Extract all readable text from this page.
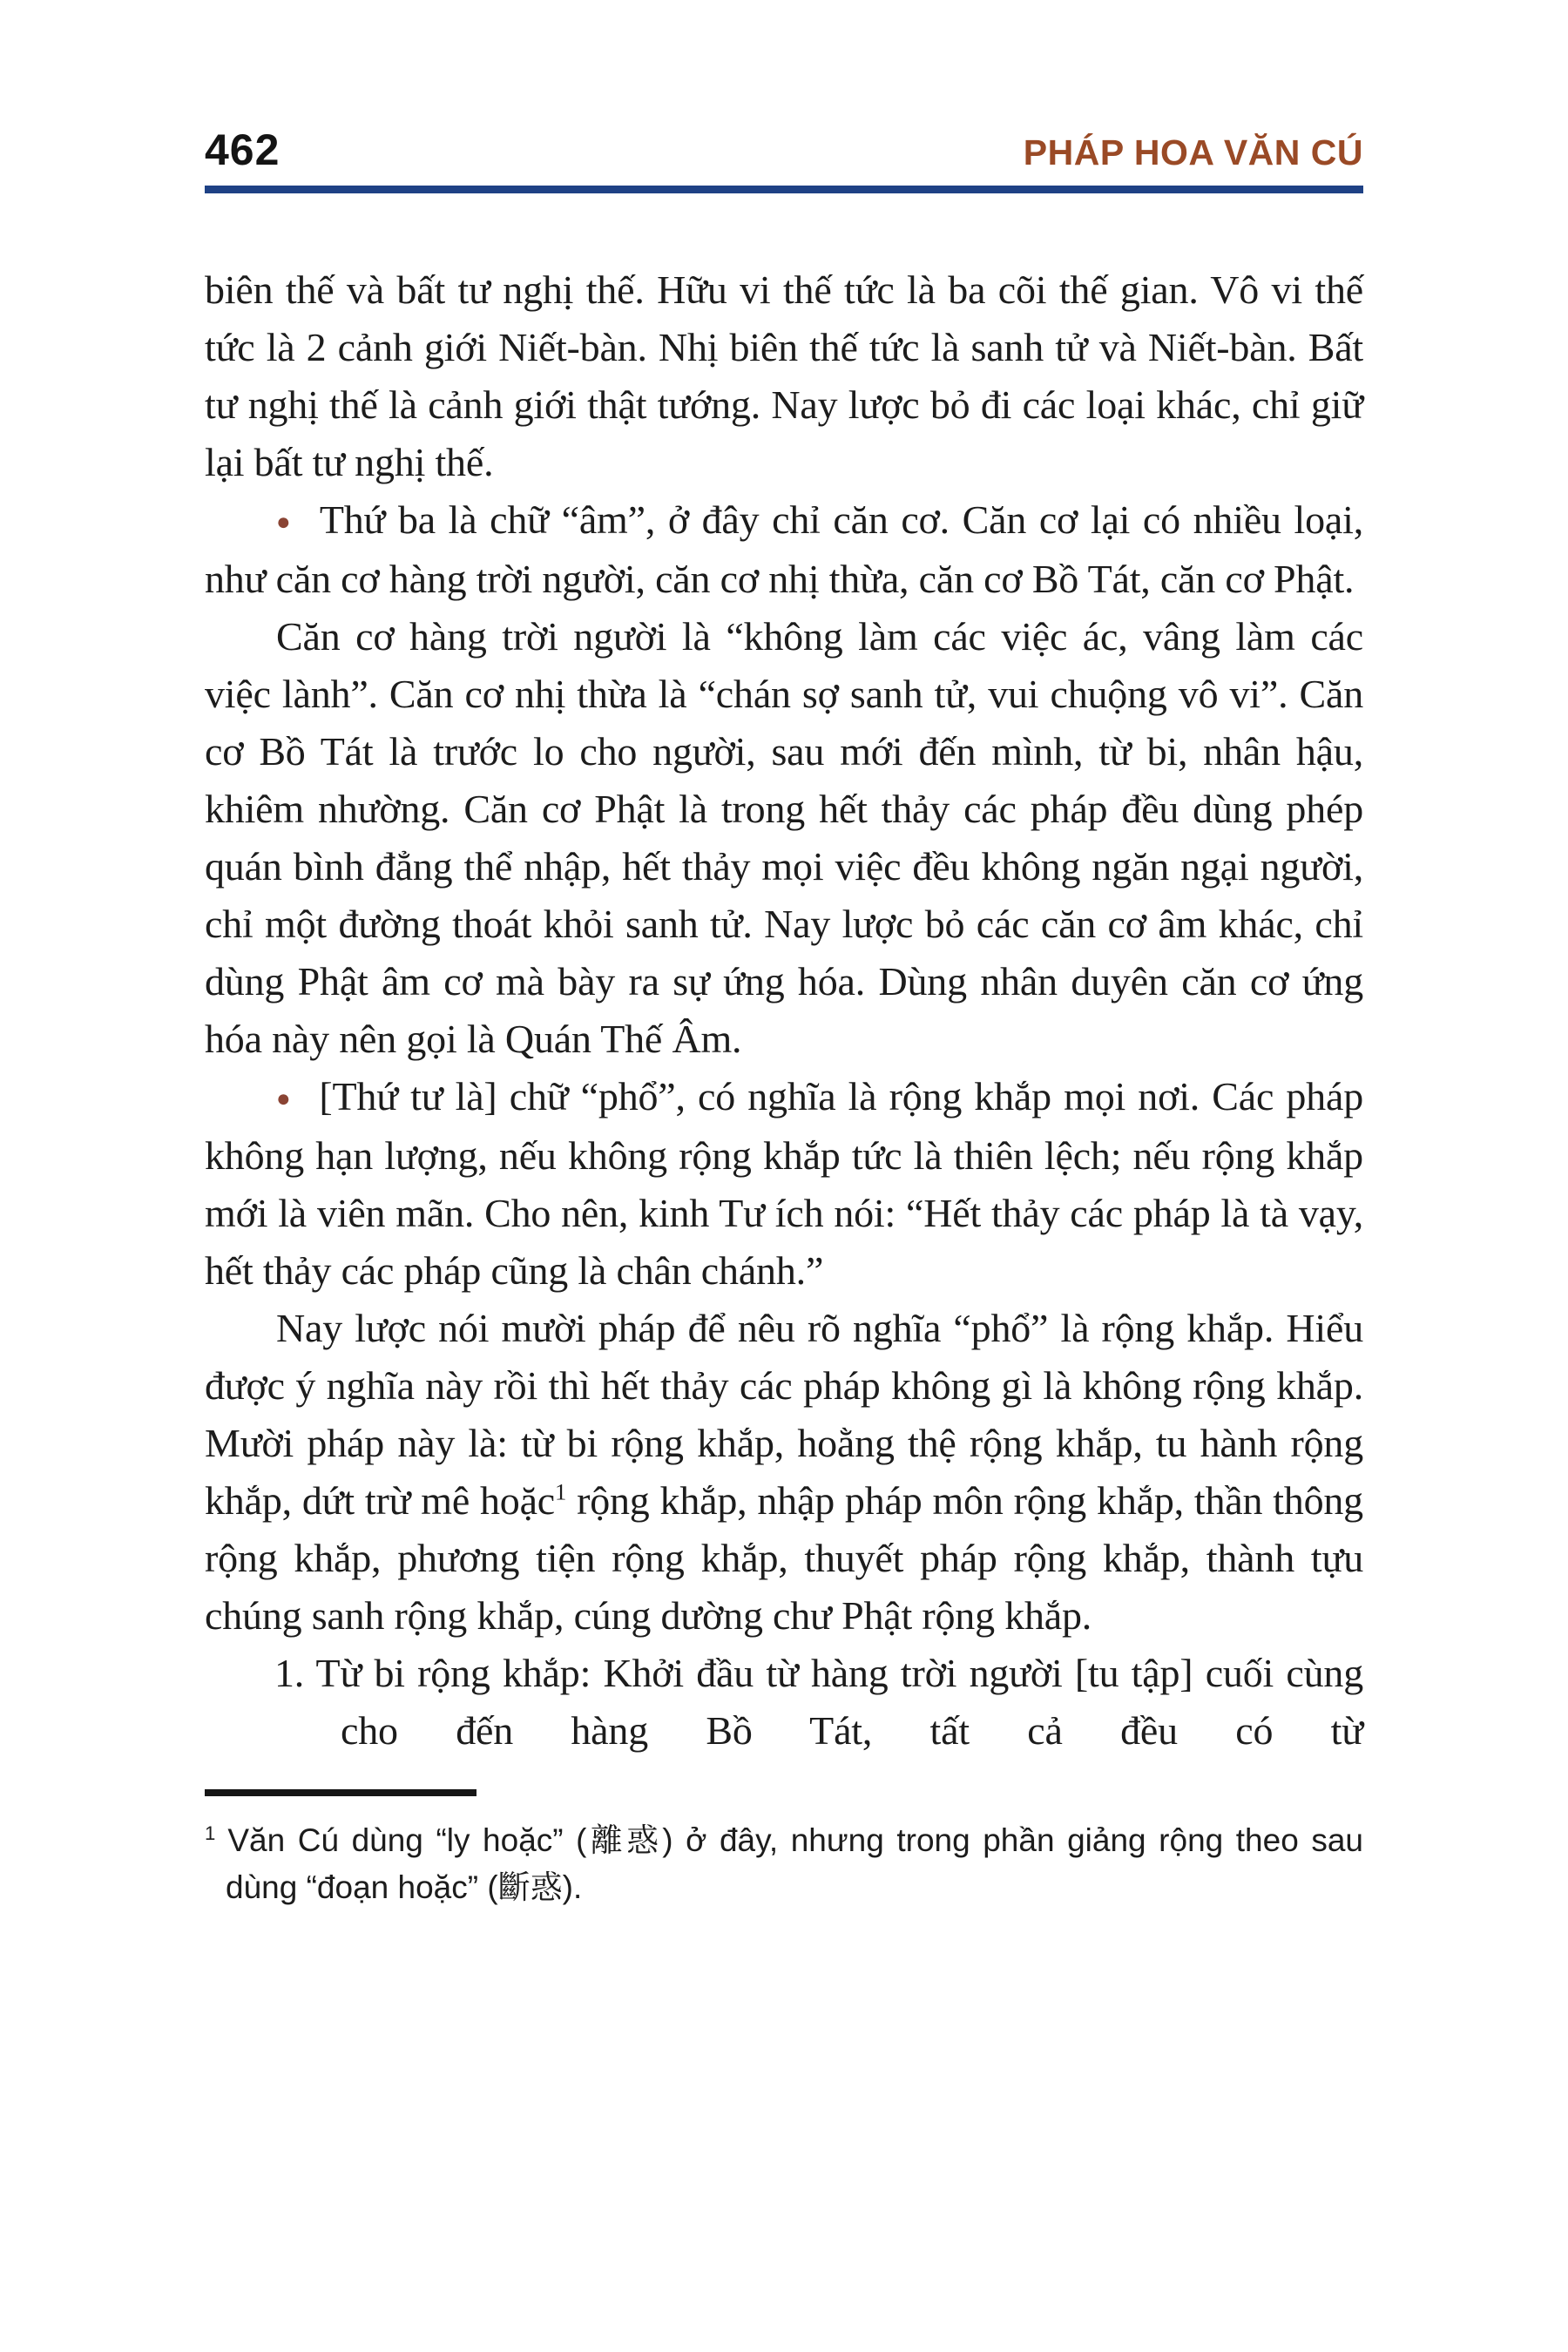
462	PHÁP HOA VĂN CÚ

biên thế và bất tư nghị thế. Hữu vi thế tức là ba cõi thế gian. Vô vi thế tức là 2 cảnh giới Niết-bàn. Nhị biên thế tức là sanh tử và Niết-bàn. Bất tư nghị thế là cảnh giới thật tướng. Nay lược bỏ đi các loại khác, chỉ giữ lại bất tư nghị thế.

● Thứ ba là chữ “âm”, ở đây chỉ căn cơ. Căn cơ lại có nhiều loại, như căn cơ hàng trời người, căn cơ nhị thừa, căn cơ Bồ Tát, căn cơ Phật.

Căn cơ hàng trời người là “không làm các việc ác, vâng làm các việc lành”. Căn cơ nhị thừa là “chán sợ sanh tử, vui chuộng vô vi”. Căn cơ Bồ Tát là trước lo cho người, sau mới đến mình, từ bi, nhân hậu, khiêm nhường. Căn cơ Phật là trong hết thảy các pháp đều dùng phép quán bình đẳng thể nhập, hết thảy mọi việc đều không ngăn ngại người, chỉ một đường thoát khỏi sanh tử. Nay lược bỏ các căn cơ âm khác, chỉ dùng Phật âm cơ mà bày ra sự ứng hóa. Dùng nhân duyên căn cơ ứng hóa này nên gọi là Quán Thế Âm.

● [Thứ tư là] chữ “phổ”, có nghĩa là rộng khắp mọi nơi. Các pháp không hạn lượng, nếu không rộng khắp tức là thiên lệch; nếu rộng khắp mới là viên mãn. Cho nên, kinh Tư ích nói: “Hết thảy các pháp là tà vạy, hết thảy các pháp cũng là chân chánh.”

Nay lược nói mười pháp để nêu rõ nghĩa “phổ” là rộng khắp. Hiểu được ý nghĩa này rồi thì hết thảy các pháp không gì là không rộng khắp. Mười pháp này là: từ bi rộng khắp, hoằng thệ rộng khắp, tu hành rộng khắp, dứt trừ mê hoặc$^1$ rộng khắp, nhập pháp môn rộng khắp, thần thông rộng khắp, phương tiện rộng khắp, thuyết pháp rộng khắp, thành tựu chúng sanh rộng khắp, cúng dường chư Phật rộng khắp.

1. Từ bi rộng khắp: Khởi đầu từ hàng trời người [tu tập] cuối cùng cho đến hàng Bồ Tát, tất cả đều có từ

$^1$ Văn Cú dùng “ly hoặc” (離惑) ở đây, nhưng trong phần giảng rộng theo sau dùng “đoạn hoặc” (斷惑).
